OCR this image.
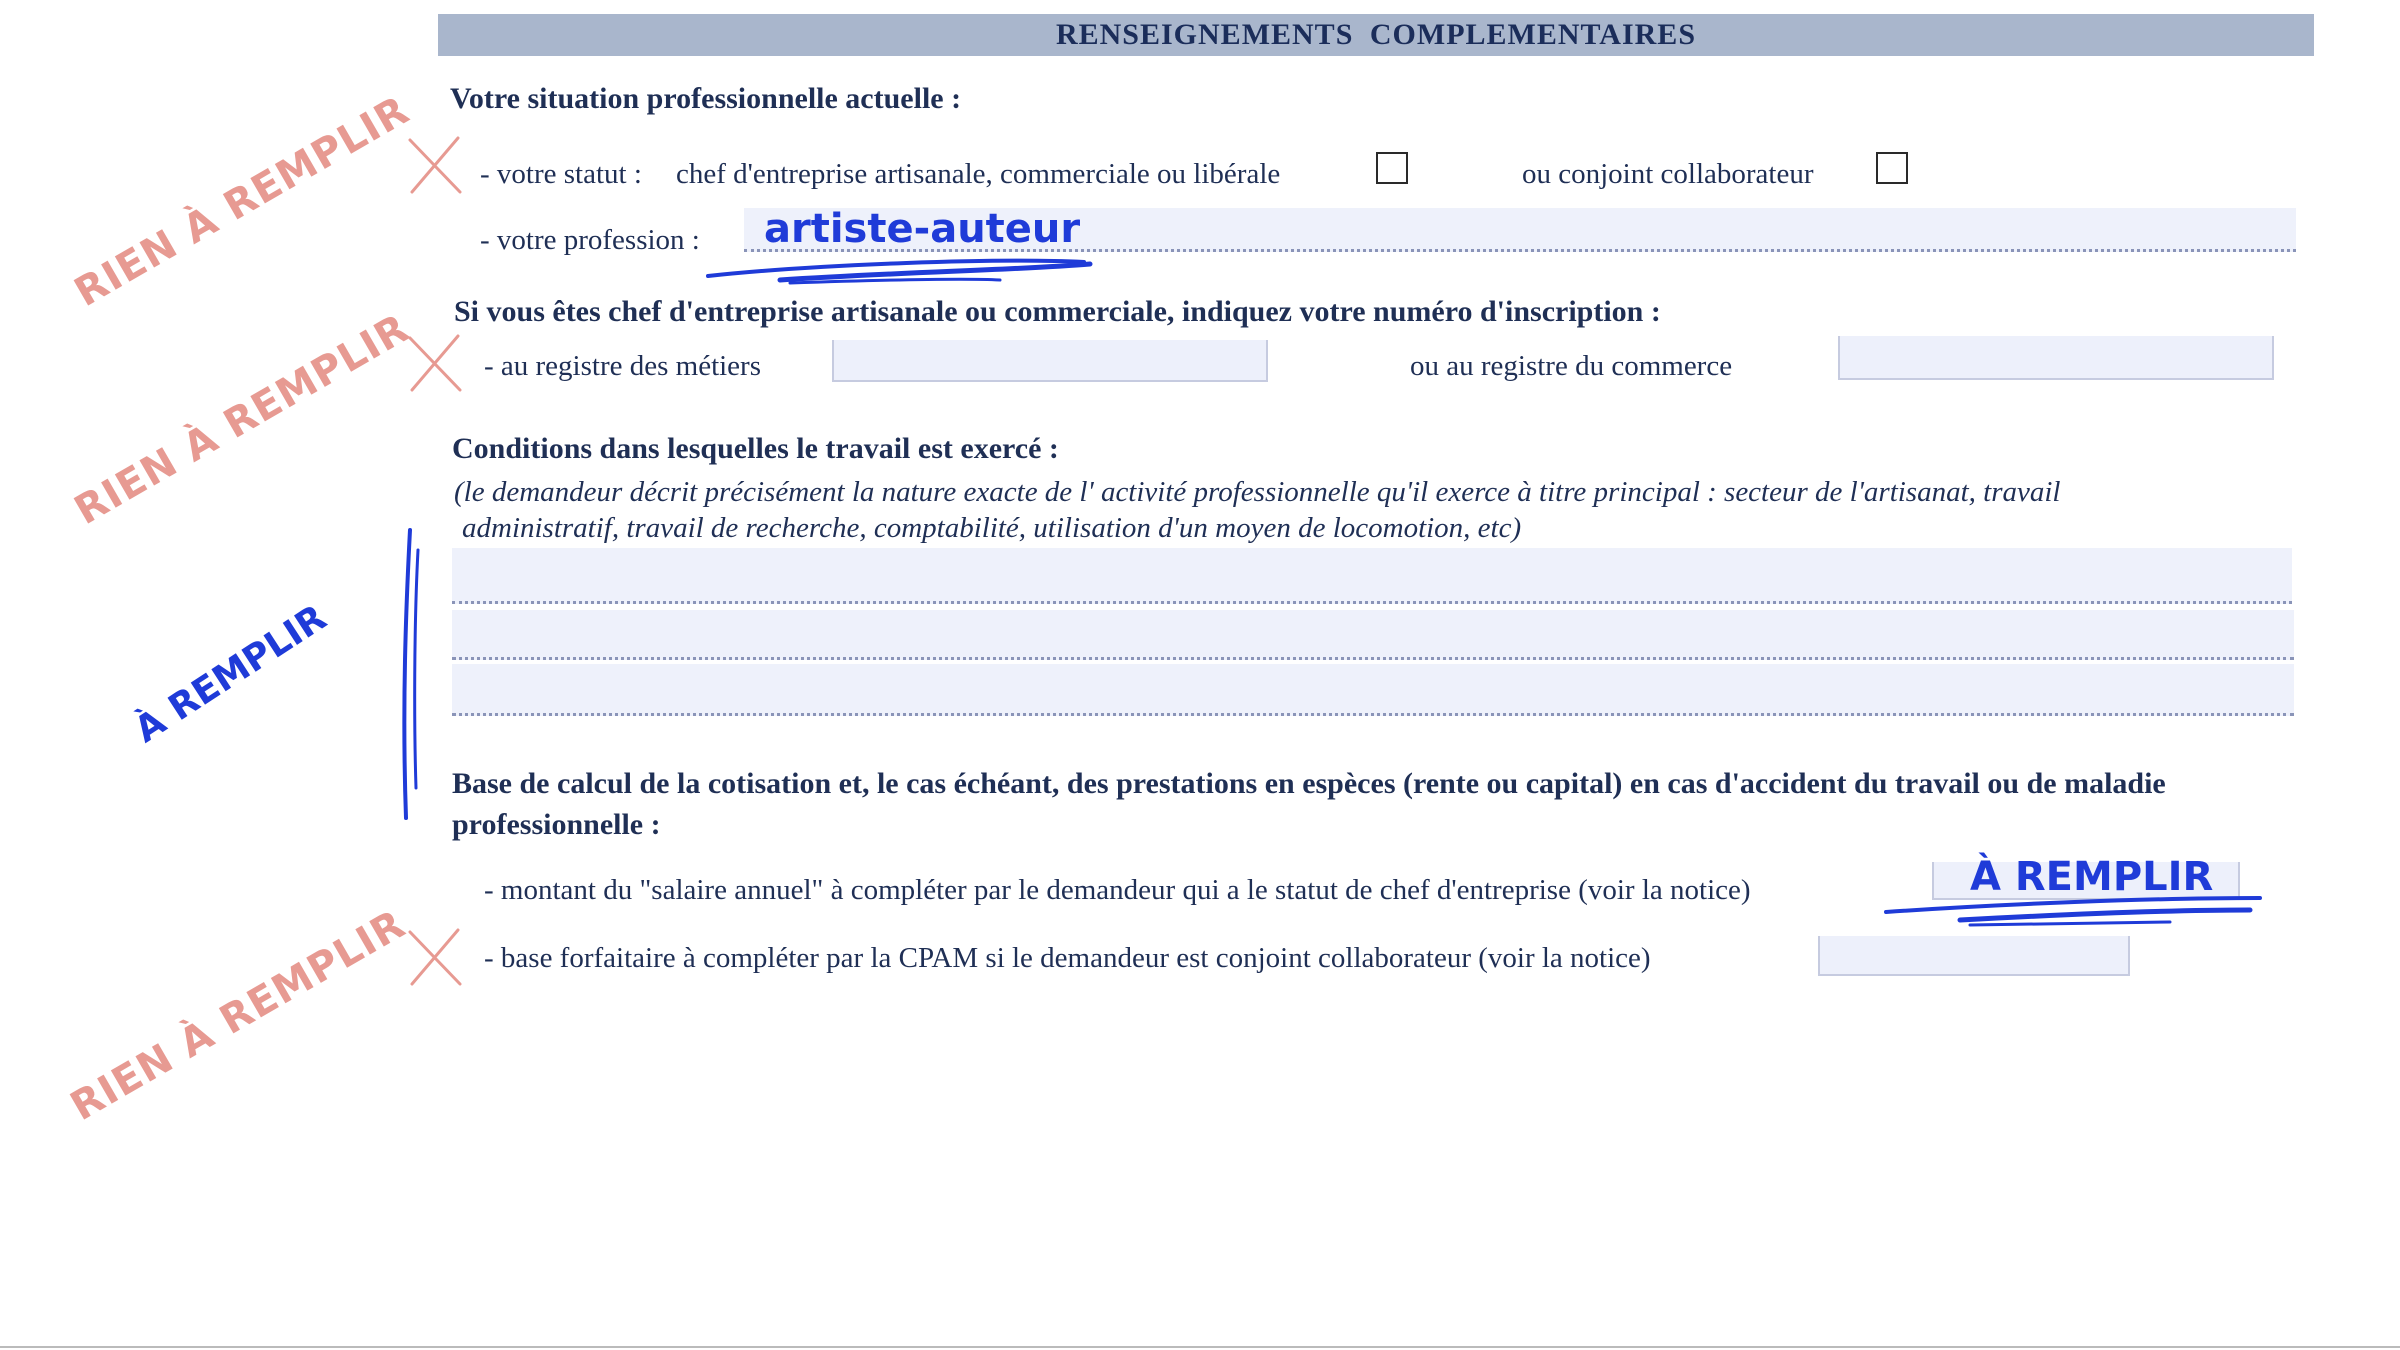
RENSEIGNEMENTS COMPLEMENTAIRES
Votre situation professionnelle actuelle :
- votre statut : chef d'entreprise artisanale, commerciale ou libérale	ou conjoint collaborateur
- votre profession : artiste-auteur
Si vous êtes chef d'entreprise artisanale ou commerciale, indiquez votre numéro d'inscription :
- au registre des métiers	ou au registre du commerce
Conditions dans lesquelles le travail est exercé :
(le demandeur décrit précisément la nature exacte de l' activité professionnelle qu'il exerce à titre principal : secteur de l'artisanat, travail
administratif, travail de recherche, comptabilité, utilisation d'un moyen de locomotion, etc)
Base de calcul de la cotisation et, le cas échéant, des prestations en espèces (rente ou capital) en cas d'accident du travail ou de maladie
professionnelle :
- montant du "salaire annuel" à compléter par le demandeur qui a le statut de chef d'entreprise (voir la notice)	À REMPLIR
- base forfaitaire à compléter par la CPAM si le demandeur est conjoint collaborateur (voir la notice)
RIEN À REMPLIR
RIEN À REMPLIR
RIEN À REMPLIR
À REMPLIR
